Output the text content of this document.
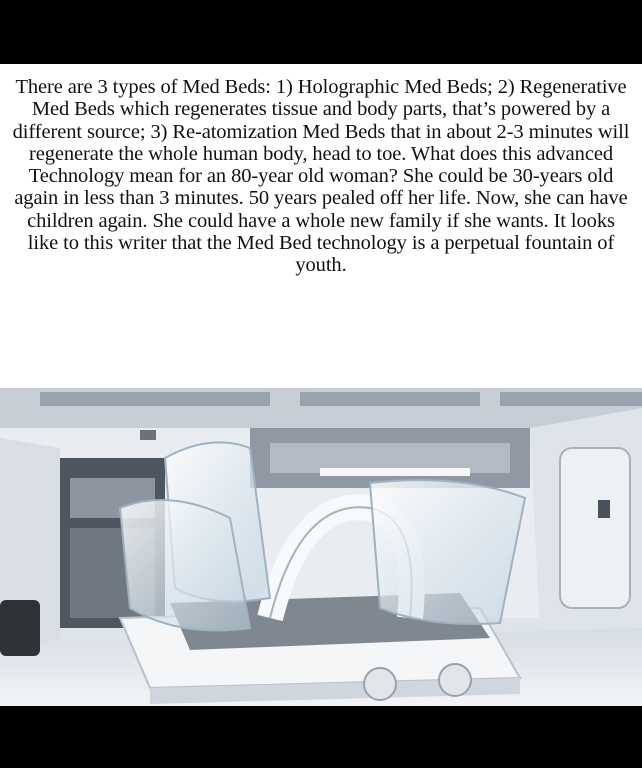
There are 3 types of Med Beds: 1) Holographic Med Beds; 2) Regenerative Med Beds which regenerates tissue and body parts, that’s powered by a different source; 3) Re-atomization Med Beds that in about 2-3 minutes will regenerate the whole human body, head to toe. What does this advanced Technology mean for an 80-year old woman? She could be 30-years old again in less than 3 minutes. 50 years pealed off her life. Now, she can have children again. She could have a whole new family if she wants. It looks like to this writer that the Med Bed technology is a perpetual fountain of youth.
